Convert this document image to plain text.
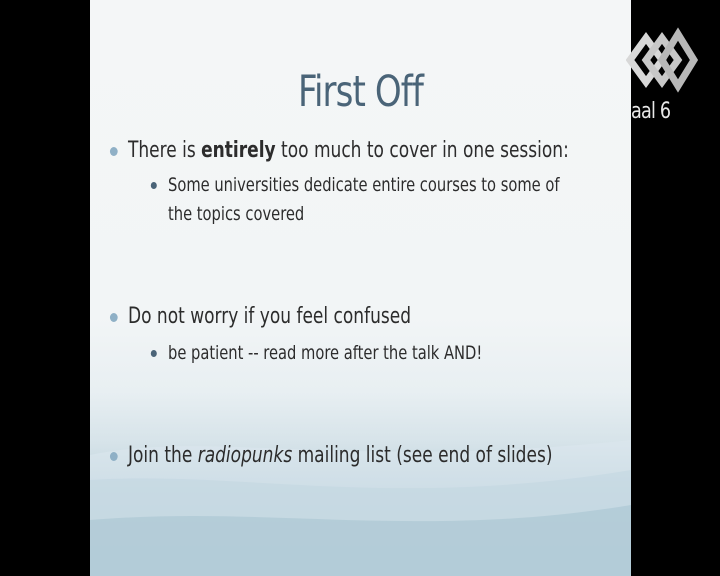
First Off
There is entirely too much to cover in one session:
Some universities dedicate entire courses to some of the topics covered
Do not worry if you feel confused
be patient -- read more after the talk AND!
Join the radiopunks mailing list (see end of slides)
aal 6
